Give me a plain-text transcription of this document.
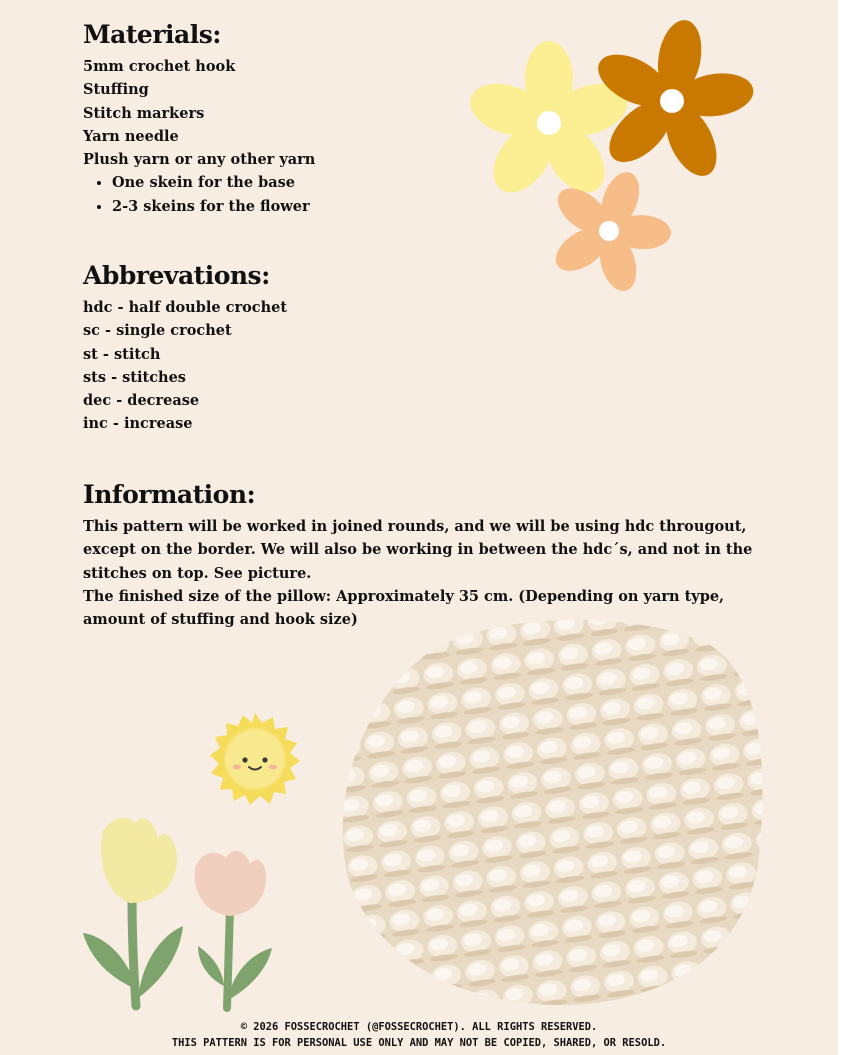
Materials:
5mm crochet hook
Stuffing
Stitch markers
Yarn needle
Plush yarn or any other yarn
• One skein for the base
• 2-3 skeins for the flower
Abbrevations:
hdc - half double crochet
sc - single crochet
st - stitch
sts - stitches
dec - decrease
inc - increase
Information:

This pattern will be worked in joined rounds, and we will be using hdc througout, except on the border. We will also be working in between the hdc´s, and not in the stitches on top. See picture.

The finished size of the pillow: Approximately 35 cm. (Depending on yarn type, amount of stuffing and hook size)

© 2026 FOSSECROCHET (@FOSSECROCHET). ALL RIGHTS RESERVED.
THIS PATTERN IS FOR PERSONAL USE ONLY AND MAY NOT BE COPIED, SHARED, OR RESOLD.
